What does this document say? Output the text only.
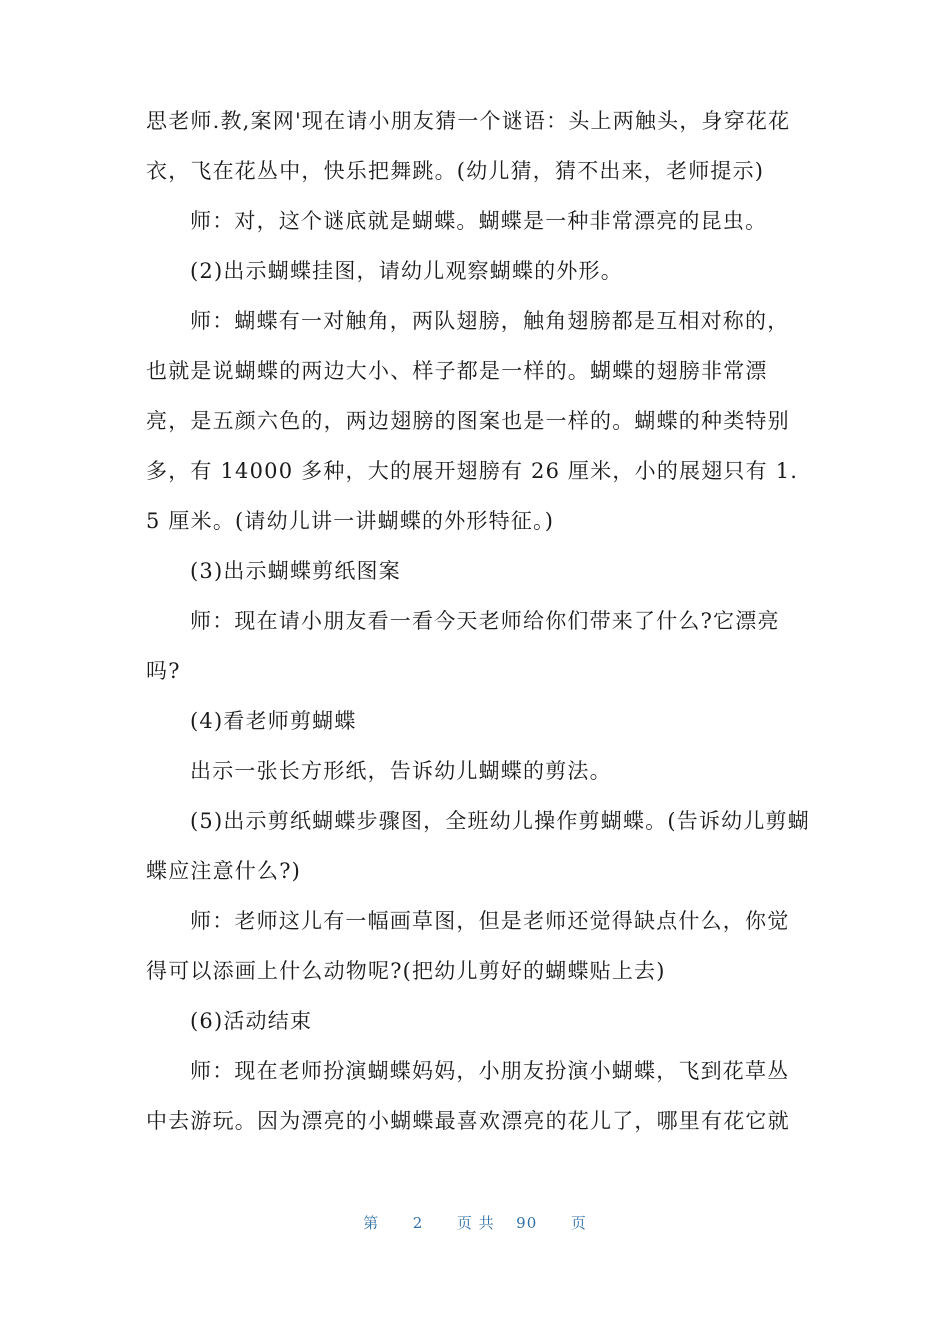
思老师.教,案网'现在请小朋友猜一个谜语：头上两触头，身穿花花衣，飞在花丛中，快乐把舞跳。(幼儿猜，猜不出来，老师提示)

师：对，这个谜底就是蝴蝶。蝴蝶是一种非常漂亮的昆虫。

(2)出示蝴蝶挂图，请幼儿观察蝴蝶的外形。

师：蝴蝶有一对触角，两队翅膀，触角翅膀都是互相对称的，也就是说蝴蝶的两边大小、样子都是一样的。蝴蝶的翅膀非常漂亮，是五颜六色的，两边翅膀的图案也是一样的。蝴蝶的种类特别多，有 14000 多种，大的展开翅膀有 26 厘米，小的展翅只有 1.5 厘米。(请幼儿讲一讲蝴蝶的外形特征。)

(3)出示蝴蝶剪纸图案

师：现在请小朋友看一看今天老师给你们带来了什么?它漂亮吗?

(4)看老师剪蝴蝶

出示一张长方形纸，告诉幼儿蝴蝶的剪法。

(5)出示剪纸蝴蝶步骤图，全班幼儿操作剪蝴蝶。(告诉幼儿剪蝴蝶应注意什么?)

师：老师这儿有一幅画草图，但是老师还觉得缺点什么，你觉得可以添画上什么动物呢?(把幼儿剪好的蝴蝶贴上去)

(6)活动结束

师：现在老师扮演蝴蝶妈妈，小朋友扮演小蝴蝶，飞到花草丛中去游玩。因为漂亮的小蝴蝶最喜欢漂亮的花儿了，哪里有花它就

第 2 页 共 90 页
